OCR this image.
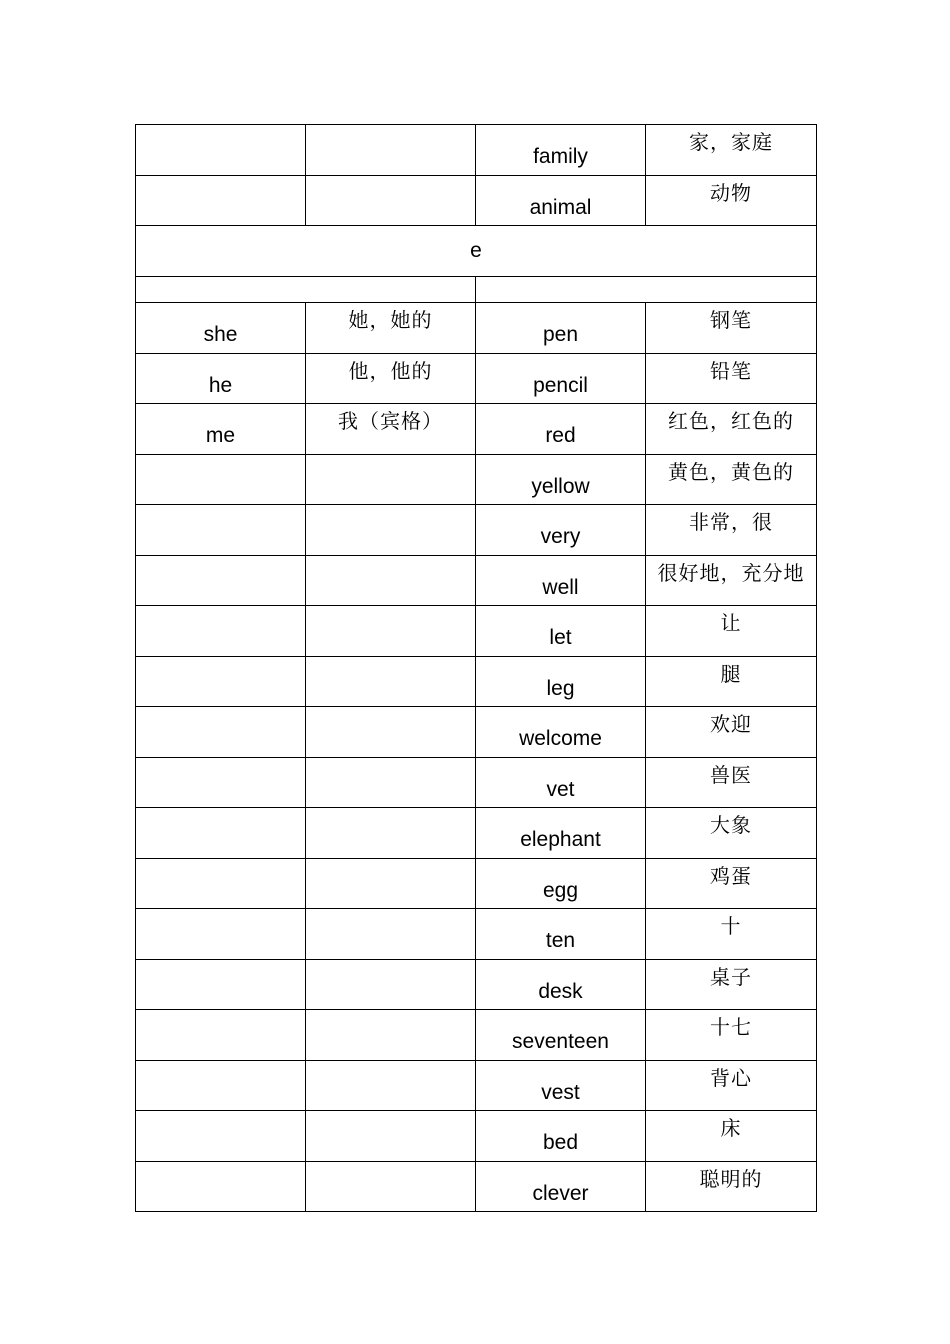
		family	家，家庭

		animal	动物

e			

she	她，她的	pen	钢笔

he	他，他的	pencil	铅笔

me	我（宾格）	red	红色，红色的

		yellow	黄色，黄色的

		very	非常，很

		well	很好地，充分地

		let	让

		leg	腿

		welcome	欢迎

		vet	兽医

		elephant	大象

		egg	鸡蛋

		ten	十

		desk	桌子

		seventeen	十七

		vest	背心

		bed	床

		clever	聪明的
